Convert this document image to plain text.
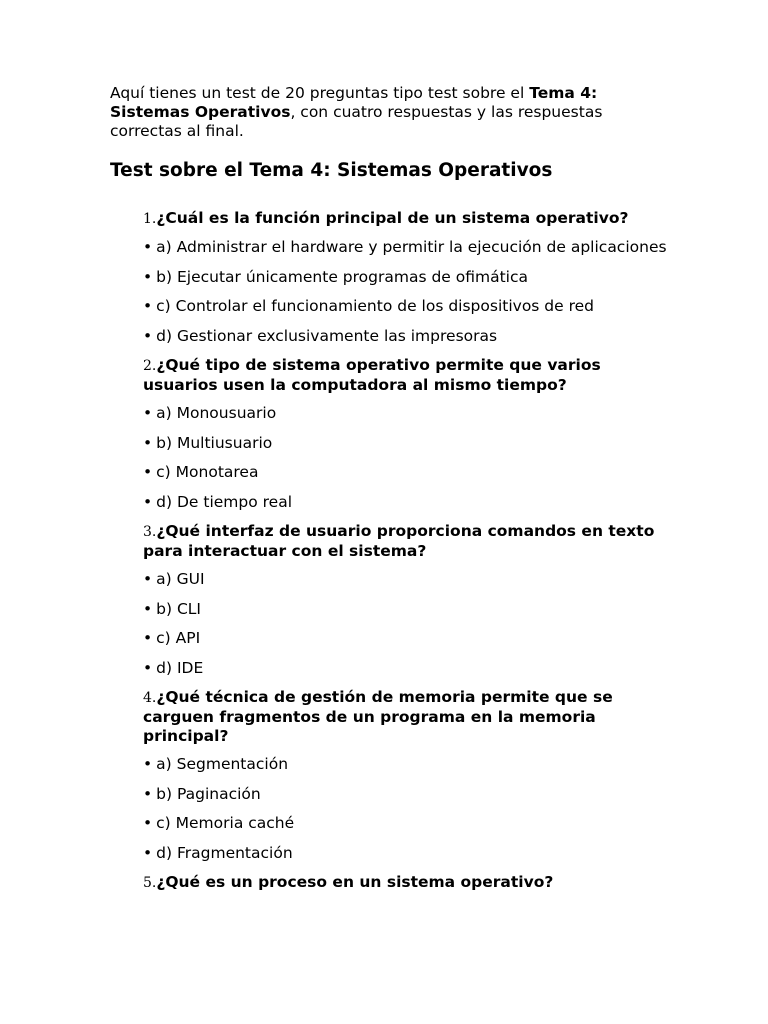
Aquí tienes un test de 20 preguntas tipo test sobre el Tema 4: Sistemas Operativos, con cuatro respuestas y las respuestas correctas al final.

Test sobre el Tema 4: Sistemas Operativos

1.¿Cuál es la función principal de un sistema operativo?

• a) Administrar el hardware y permitir la ejecución de aplicaciones
• b) Ejecutar únicamente programas de ofimática
• c) Controlar el funcionamiento de los dispositivos de red
• d) Gestionar exclusivamente las impresoras

2.¿Qué tipo de sistema operativo permite que varios usuarios usen la computadora al mismo tiempo?

• a) Monousuario
• b) Multiusuario
• c) Monotarea
• d) De tiempo real

3.¿Qué interfaz de usuario proporciona comandos en texto para interactuar con el sistema?

• a) GUI
• b) CLI
• c) API
• d) IDE

4.¿Qué técnica de gestión de memoria permite que se carguen fragmentos de un programa en la memoria principal?

• a) Segmentación
• b) Paginación
• c) Memoria caché
• d) Fragmentación

5.¿Qué es un proceso en un sistema operativo?
